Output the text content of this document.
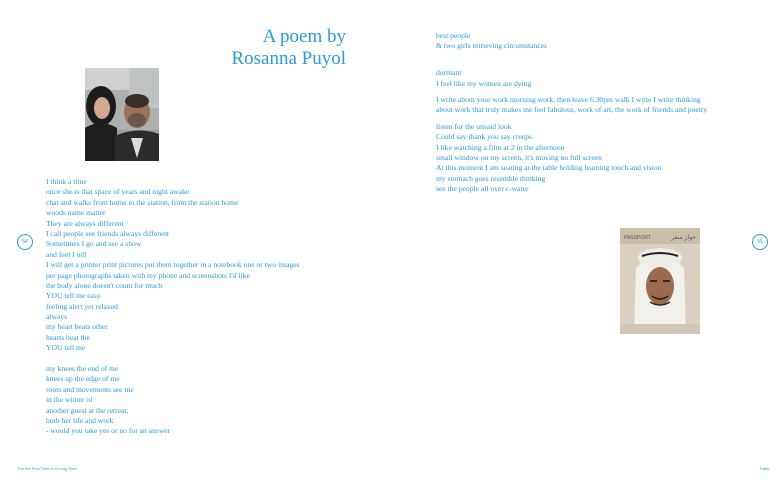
A poem by
Rosanna Puyol
I think a time
once she is that space of years and night awake
chat and walks from home to the station, from the station home
woods name matter
They are always different
I call people see friends always different
Sometimes I go and see a show
and feel I tell
I will get a printer print pictures put them together in a notebook one or two images
per page photographs taken with my phone and screenshots I'd like
the body alone doesn't count for much
YOU tell me easy
feeling alert yet relaxed
always
my heart beats other
hearts beat the
YOU tell me
my knees the end of me
knees up the edge of me
roots and movements see me
in the winter of
another guest at the retreat,
both her life and work
- would you take yes or no for an answer
best people
& two girls retrieving circumstances
dormant
I feel like my women are dying
I write about your work morning work, then leave 6.30pm walk I write I write thinking
about work that truly makes me feel fabulous, work of art, the work of friends and poetry
listen for the unsaid look
Could say thank you say creeps
I like watching a film at 2 in the afternoon
small window on my screen, it's moving no full screen
At this moment I am seating at the table holding learning touch and vision
my stomach goes resemble thinking
see the people all over c-water
PASSPORT	جواز سفر
54	55
For the First Time in a Long Time	Trails
